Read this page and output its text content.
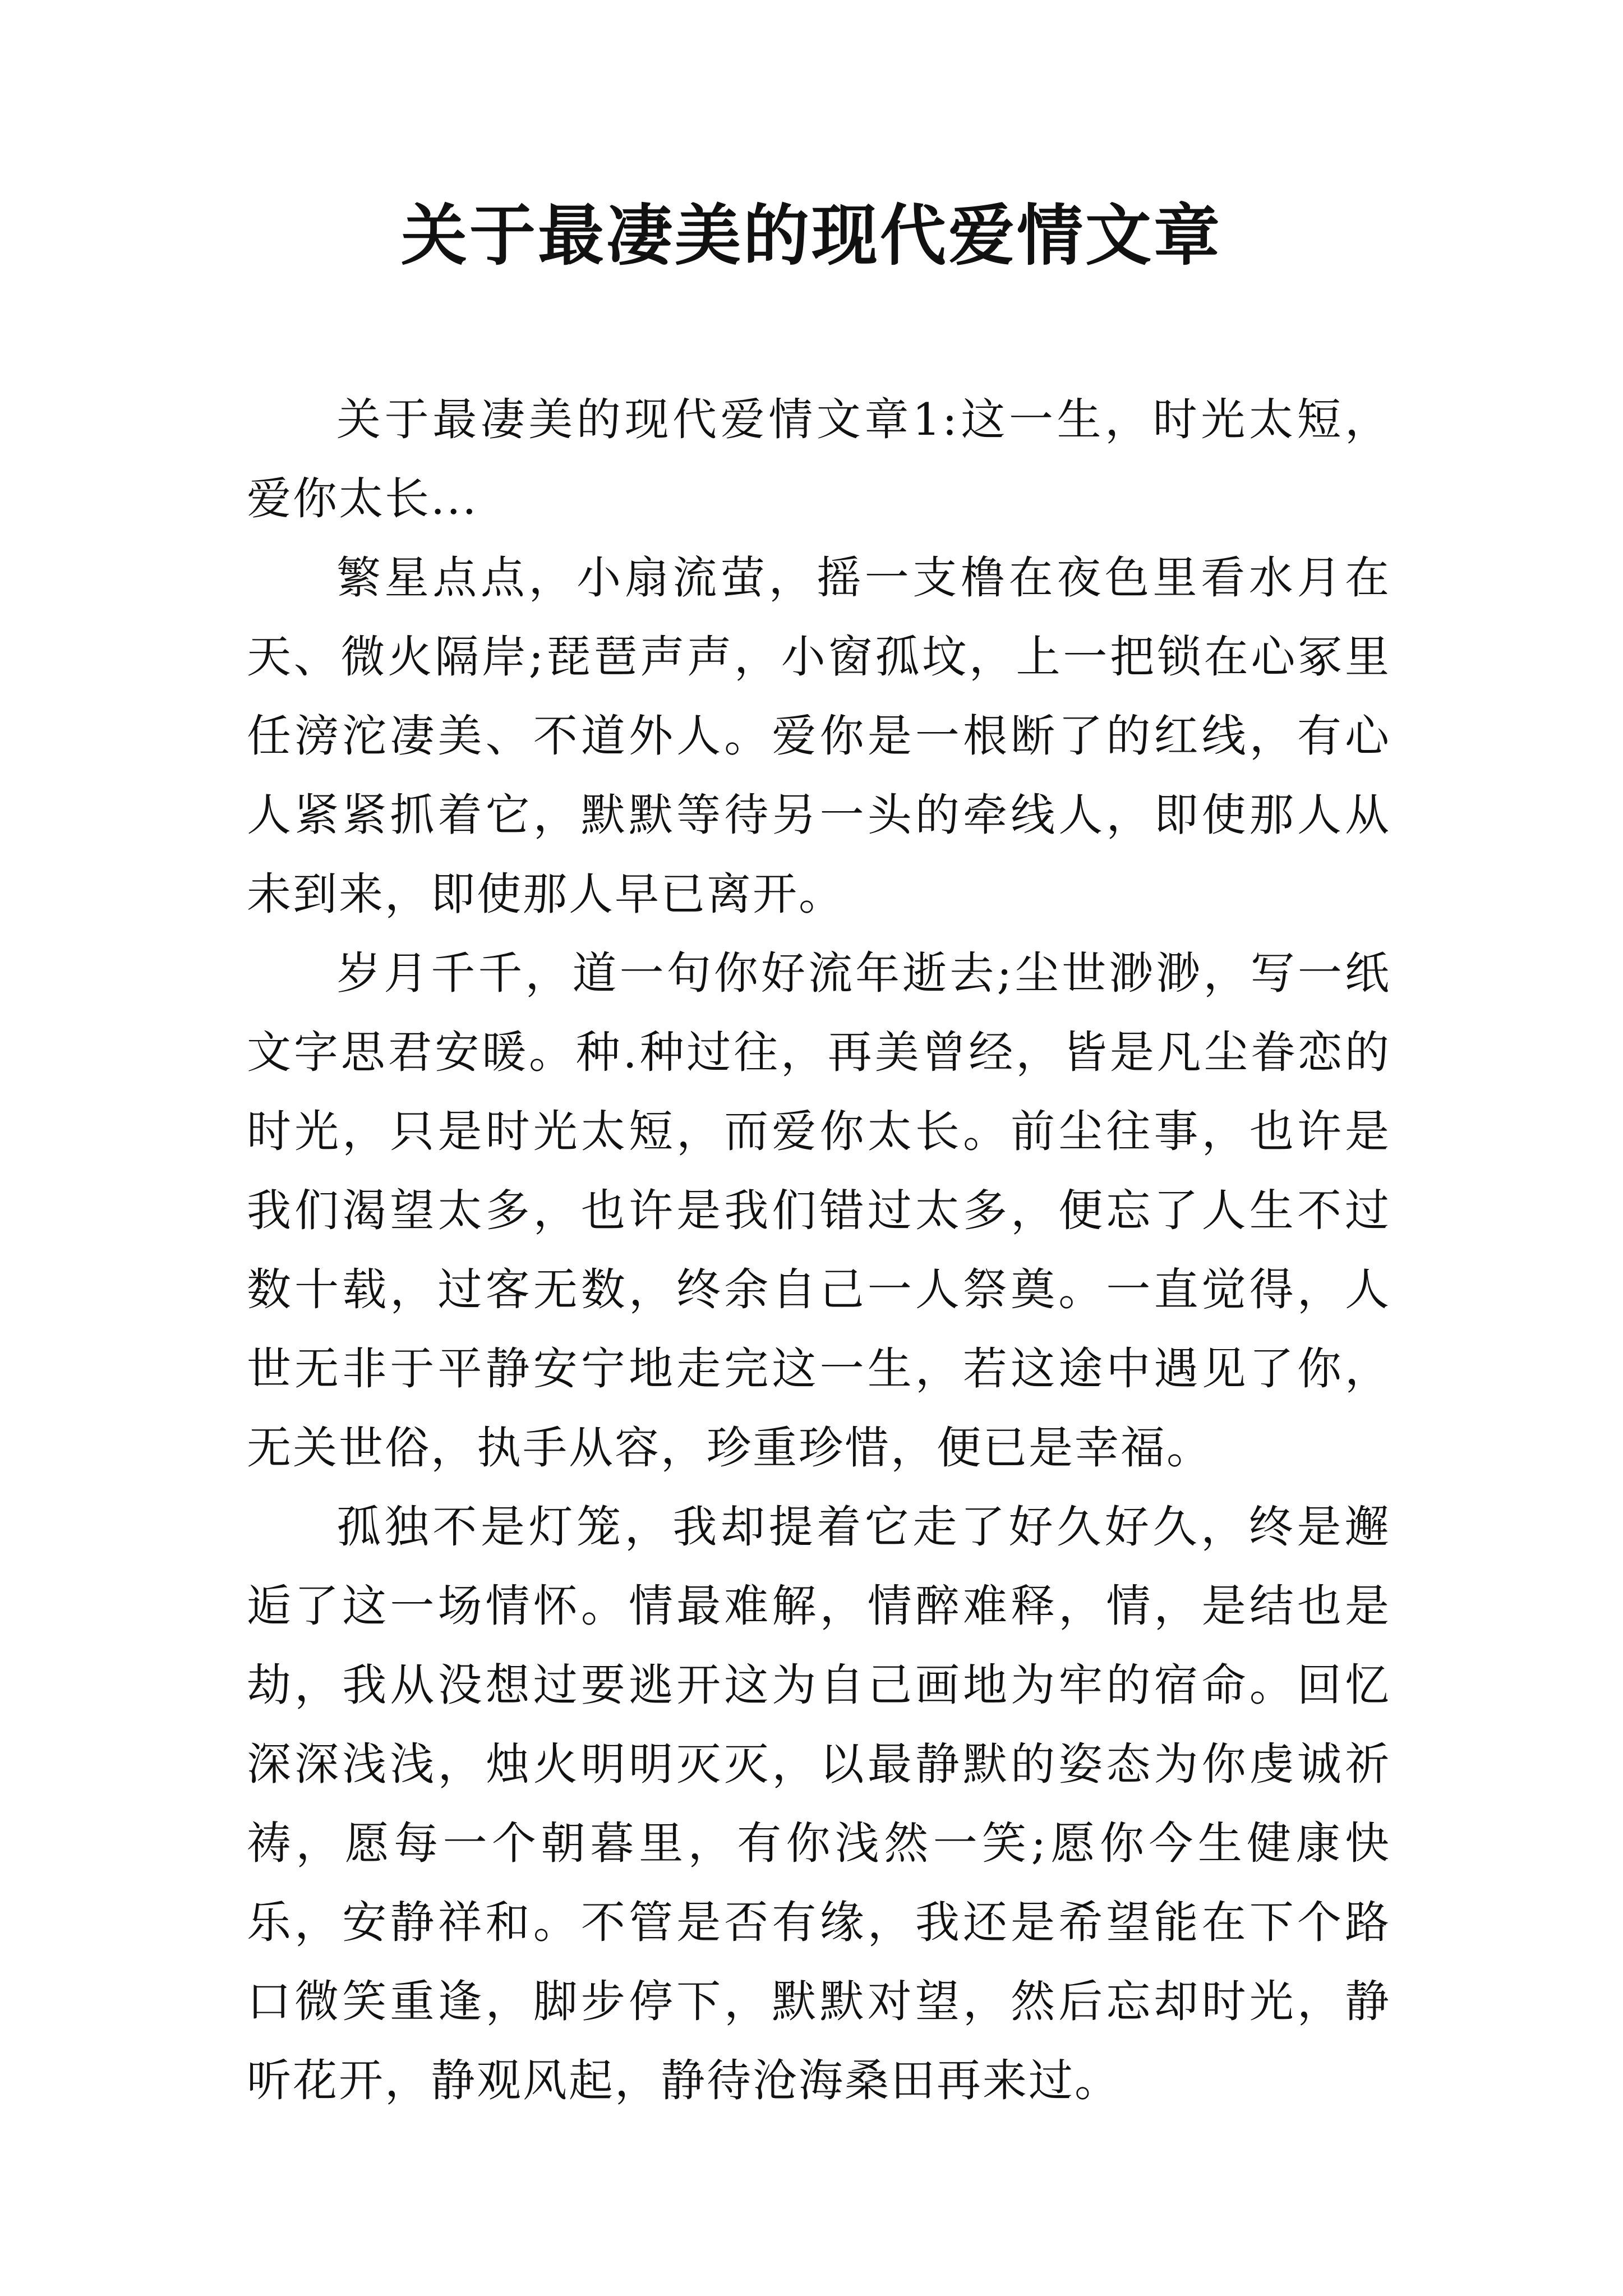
关于最凄美的现代爱情文章

关于最凄美的现代爱情文章1:这一生，时光太短，爱你太长...

繁星点点，小扇流萤，摇一支橹在夜色里看水月在天、微火隔岸;琵琶声声，小窗孤坟，上一把锁在心冢里任滂沱凄美、不道外人。爱你是一根断了的红线，有心人紧紧抓着它，默默等待另一头的牵线人，即使那人从未到来，即使那人早已离开。

岁月千千，道一句你好流年逝去;尘世渺渺，写一纸文字思君安暖。种.种过往，再美曾经，皆是凡尘眷恋的时光，只是时光太短，而爱你太长。前尘往事，也许是我们渴望太多，也许是我们错过太多，便忘了人生不过数十载，过客无数，终余自己一人祭奠。一直觉得，人世无非于平静安宁地走完这一生，若这途中遇见了你，无关世俗，执手从容，珍重珍惜，便已是幸福。

孤独不是灯笼，我却提着它走了好久好久，终是邂逅了这一场情怀。情最难解，情醉难释，情，是结也是劫，我从没想过要逃开这为自己画地为牢的宿命。回忆深深浅浅，烛火明明灭灭，以最静默的姿态为你虔诚祈祷，愿每一个朝暮里，有你浅然一笑;愿你今生健康快乐，安静祥和。不管是否有缘，我还是希望能在下个路口微笑重逢，脚步停下，默默对望，然后忘却时光，静听花开，静观风起，静待沧海桑田再来过。
